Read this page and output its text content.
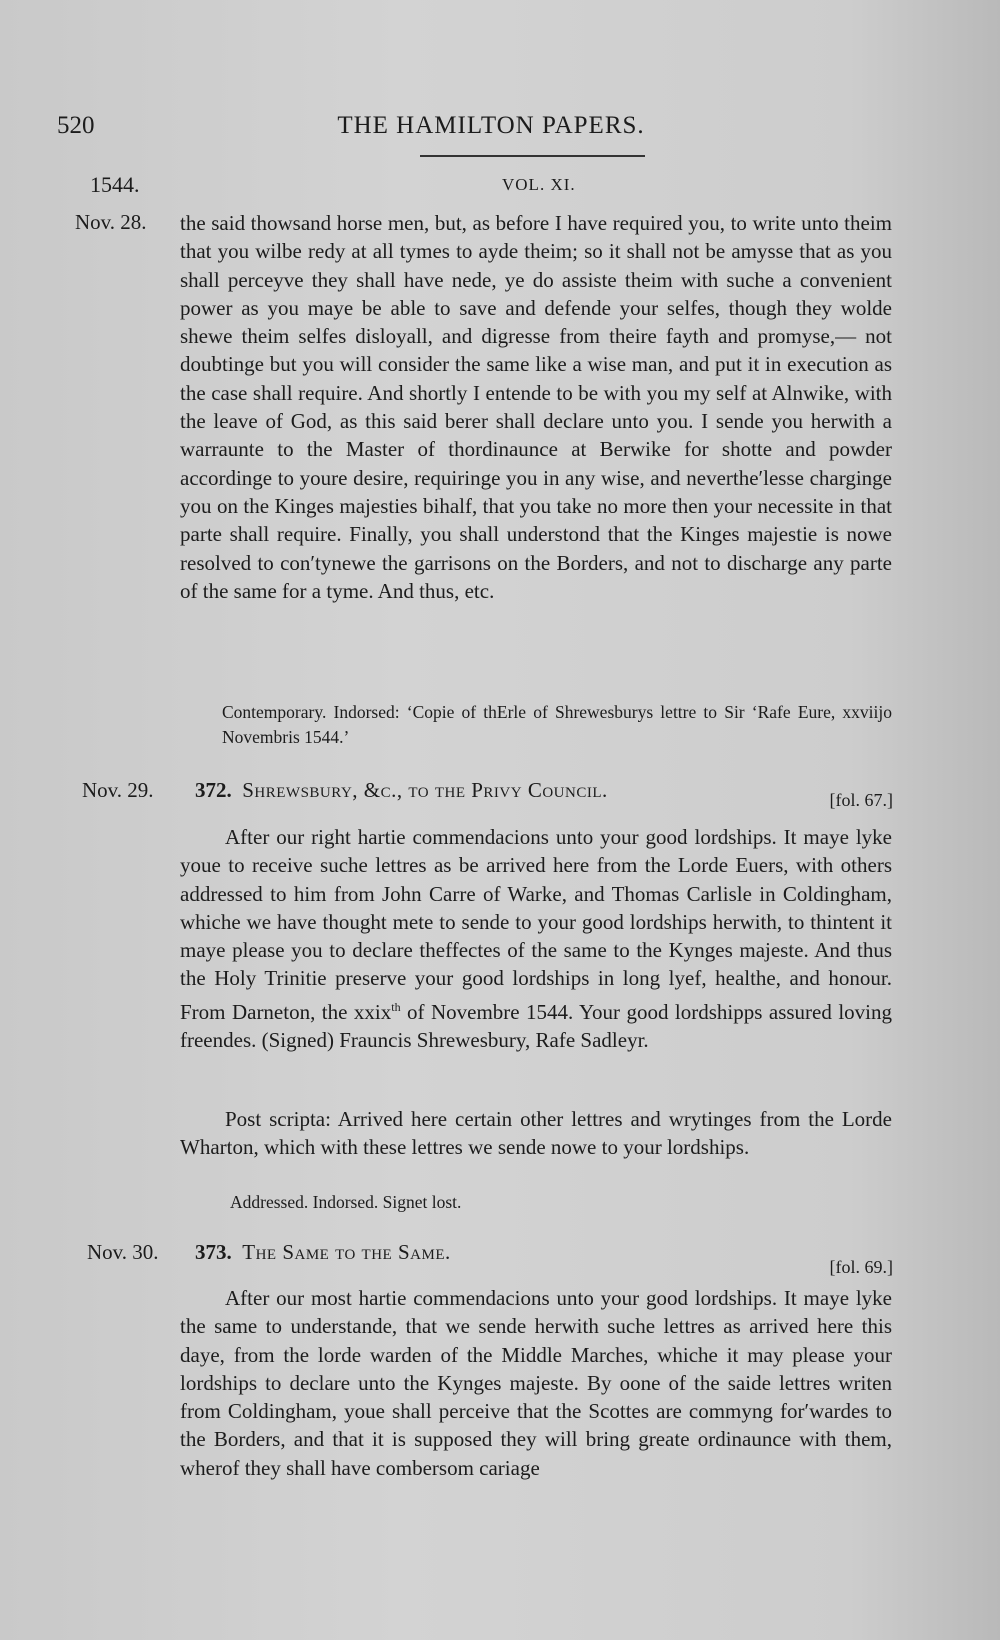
520	THE HAMILTON PAPERS.
1544.	VOL. XI.
Nov. 28. the said thowsand horse men, but, as before I have required you, to write unto theim that you wilbe redy at all tymes to ayde theim; so it shall not be amysse that as you shall perceyve they shall have nede, ye do assiste theim with suche a convenient power as you maye be able to save and defende your selfes, though they wolde shewe theim selfes disloyall, and digresse from theire fayth and promyse,— not doubtinge but you will consider the same like a wise man, and put it in execution as the case shall require. And shortly I entende to be with you my self at Alnwike, with the leave of God, as this said berer shall declare unto you. I sende you herwith a warraunte to the Master of thordinaunce at Berwike for shotte and powder accordinge to youre desire, requiringe you in any wise, and nevertheʹlesse charginge you on the Kinges majesties bihalf, that you take no more then your necessite in that parte shall require. Finally, you shall understond that the Kinges majestie is nowe resolved to conʹtynewe the garrisons on the Borders, and not to discharge any parte of the same for a tyme. And thus, etc.

Contemporary. Indorsed: ‘Copie of thErle of Shrewesburys lettre to Sir ‘Rafe Eure, xxviijo Novembris 1544.’

Nov. 29. 372. Shrewsbury, &c., to the Privy Council.	[fol. 67.]

After our right hartie commendacions unto your good lordships. It maye lyke youe to receive suche lettres as be arrived here from the Lorde Euers, with others addressed to him from John Carre of Warke, and Thomas Carlisle in Coldingham, whiche we have thought mete to sende to your good lordships herwith, to thintent it maye please you to declare theffectes of the same to the Kynges majeste. And thus the Holy Trinitie preserve your good lordships in long lyef, healthe, and honour. From Darneton, the xxix$^{th}$ of Novembre 1544. Your good lordshipps assured loving freendes. (Signed) Frauncis Shrewesbury, Rafe Sadleyr.

Post scripta: Arrived here certain other lettres and wrytinges from the Lorde Wharton, which with these lettres we sende nowe to your lordships.

Addressed. Indorsed. Signet lost.

Nov. 30. 373. The Same to the Same.
[fol. 69.]

After our most hartie commendacions unto your good lordships. It maye lyke the same to understande, that we sende herwith suche lettres as arrived here this daye, from the lorde warden of the Middle Marches, whiche it may please your lordships to declare unto the Kynges majeste. By oone of the saide lettres writen from Coldingham, youe shall perceive that the Scottes are commyng forʹwardes to the Borders, and that it is supposed they will bring greate ordinaunce with them, wherof they shall have combersom cariage
